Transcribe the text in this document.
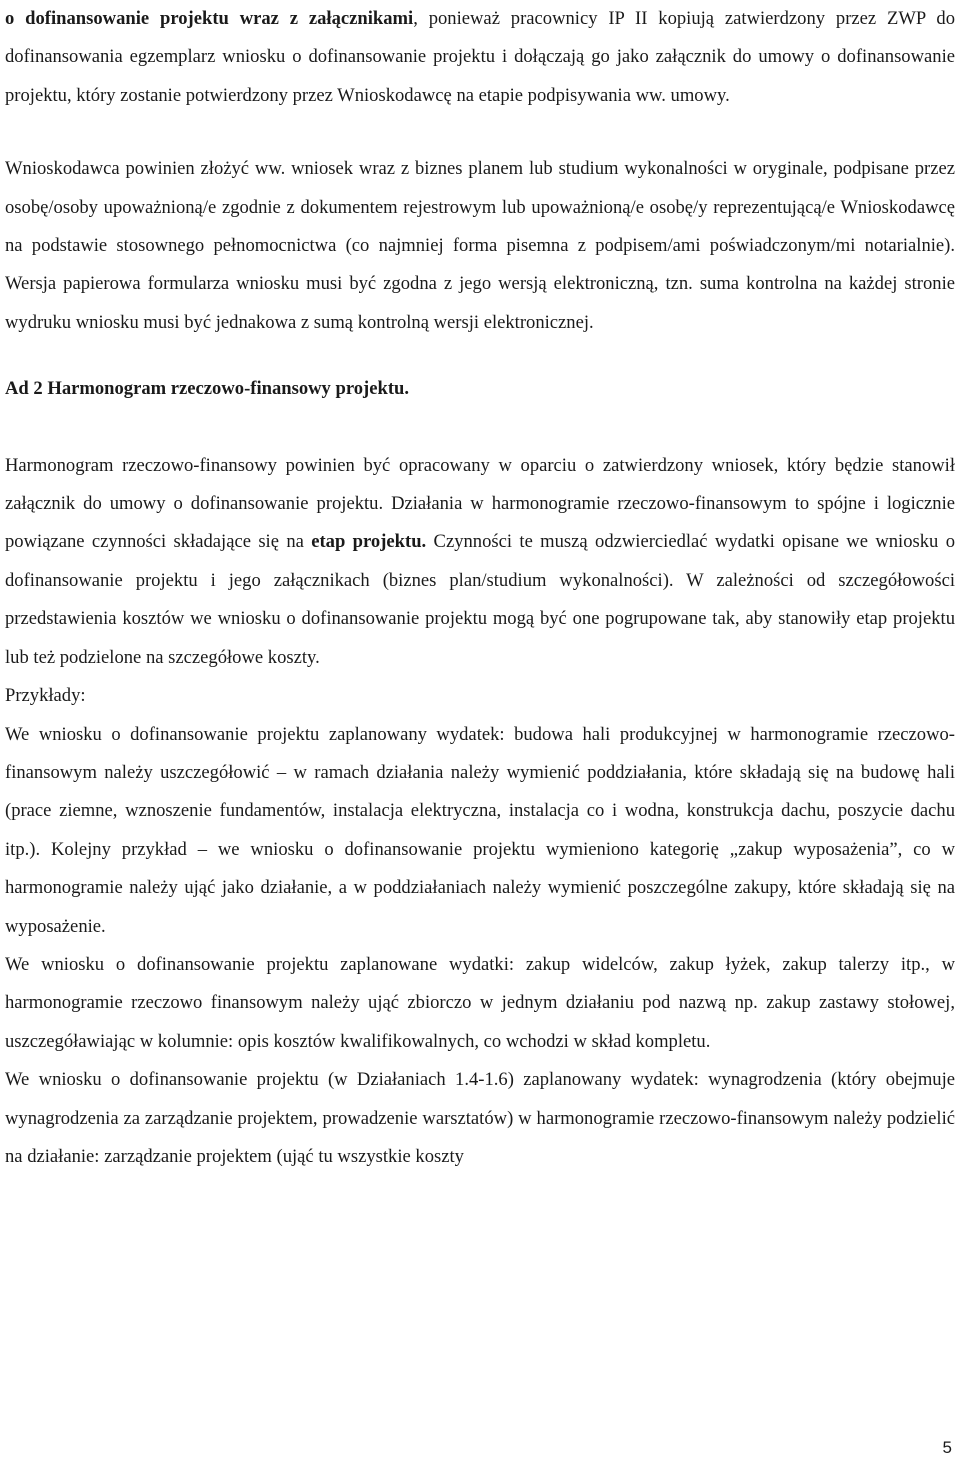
o dofinansowanie projektu wraz z załącznikami, ponieważ pracownicy IP II kopiują zatwierdzony przez ZWP do dofinansowania egzemplarz wniosku o dofinansowanie projektu i dołączają go jako załącznik do umowy o dofinansowanie projektu, który zostanie potwierdzony przez Wnioskodawcę na etapie podpisywania ww. umowy.

Wnioskodawca powinien złożyć ww. wniosek wraz z biznes planem lub studium wykonalności w oryginale, podpisane przez osobę/osoby upoważnioną/e zgodnie z dokumentem rejestrowym lub upoważnioną/e osobę/y reprezentującą/e Wnioskodawcę na podstawie stosownego pełnomocnictwa (co najmniej forma pisemna z podpisem/ami poświadczonym/mi notarialnie). Wersja papierowa formularza wniosku musi być zgodna z jego wersją elektroniczną, tzn. suma kontrolna na każdej stronie wydruku wniosku musi być jednakowa z sumą kontrolną wersji elektronicznej.

Ad 2 Harmonogram rzeczowo-finansowy projektu.

Harmonogram rzeczowo-finansowy powinien być opracowany w oparciu o zatwierdzony wniosek, który będzie stanowił załącznik do umowy o dofinansowanie projektu. Działania w harmonogramie rzeczowo-finansowym to spójne i logicznie powiązane czynności składające się na etap projektu. Czynności te muszą odzwierciedlać wydatki opisane we wniosku o dofinansowanie projektu i jego załącznikach (biznes plan/studium wykonalności). W zależności od szczegółowości przedstawienia kosztów we wniosku o dofinansowanie projektu mogą być one pogrupowane tak, aby stanowiły etap projektu lub też podzielone na szczegółowe koszty.

Przykłady:

We wniosku o dofinansowanie projektu zaplanowany wydatek: budowa hali produkcyjnej w harmonogramie rzeczowo-finansowym należy uszczegółowić – w ramach działania należy wymienić poddziałania, które składają się na budowę hali (prace ziemne, wznoszenie fundamentów, instalacja elektryczna, instalacja co i wodna, konstrukcja dachu, poszycie dachu itp.). Kolejny przykład – we wniosku o dofinansowanie projektu wymieniono kategorię „zakup wyposażenia”, co w harmonogramie należy ująć jako działanie, a w poddziałaniach należy wymienić poszczególne zakupy, które składają się na wyposażenie.

We wniosku o dofinansowanie projektu zaplanowane wydatki: zakup widelców, zakup łyżek, zakup talerzy itp., w harmonogramie rzeczowo finansowym należy ująć zbiorczo w jednym działaniu pod nazwą np. zakup zastawy stołowej, uszczegóławiając w kolumnie: opis kosztów kwalifikowalnych, co wchodzi w skład kompletu.

We wniosku o dofinansowanie projektu (w Działaniach 1.4-1.6) zaplanowany wydatek: wynagrodzenia (który obejmuje wynagrodzenia za zarządzanie projektem, prowadzenie warsztatów) w harmonogramie rzeczowo-finansowym należy podzielić na działanie: zarządzanie projektem (ująć tu wszystkie koszty

5
